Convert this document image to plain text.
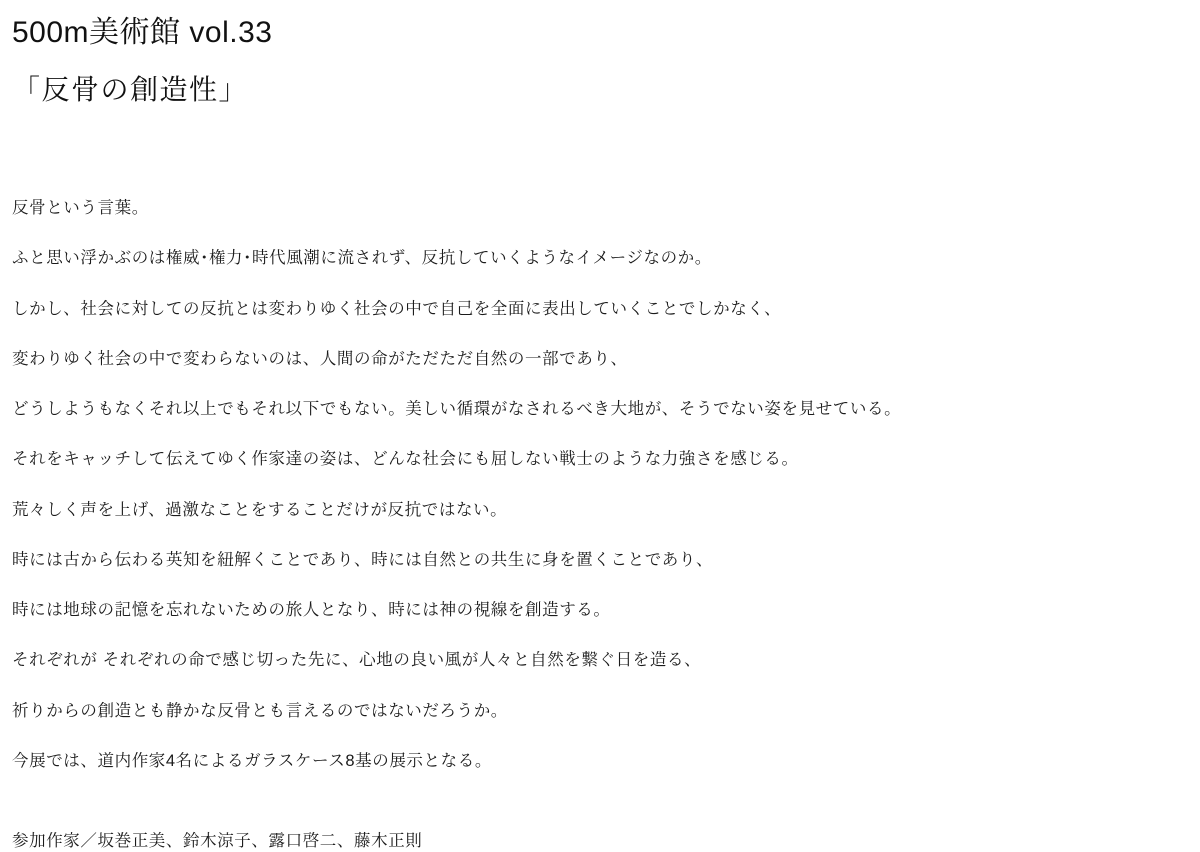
500m美術館 vol.33
「反骨の創造性」

反骨という言葉。

ふと思い浮かぶのは権威･権力･時代風潮に流されず、反抗していくようなイメージなのか。

しかし、社会に対しての反抗とは変わりゆく社会の中で自己を全面に表出していくことでしかなく、

変わりゆく社会の中で変わらないのは、人間の命がただただ自然の一部であり、

どうしようもなくそれ以上でもそれ以下でもない。美しい循環がなされるべき大地が、そうでない姿を見せている。

それをキャッチして伝えてゆく作家達の姿は、どんな社会にも屈しない戦士のような力強さを感じる。

荒々しく声を上げ、過激なことをすることだけが反抗ではない。

時には古から伝わる英知を紐解くことであり、時には自然との共生に身を置くことであり、

時には地球の記憶を忘れないための旅人となり、時には神の視線を創造する。

それぞれが それぞれの命で感じ切った先に、心地の良い風が人々と自然を繋ぐ日を造る、

祈りからの創造とも静かな反骨とも言えるのではないだろうか。

今展では、道内作家4名によるガラスケース8基の展示となる。

参加作家／坂巻正美、鈴木涼子、露口啓二、藤木正則
